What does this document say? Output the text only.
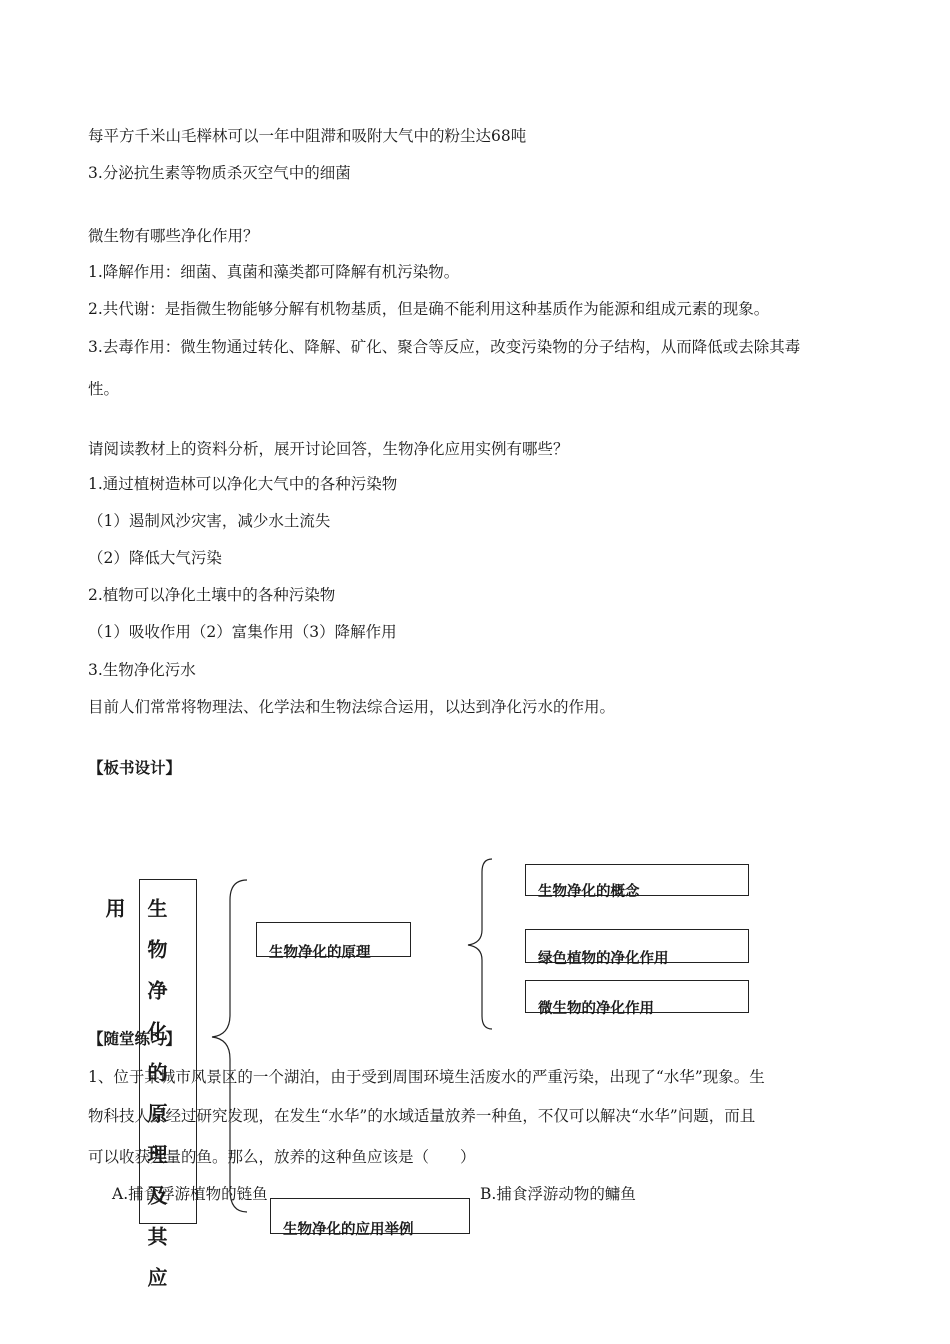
每平方千米山毛榉林可以一年中阻滞和吸附大气中的粉尘达68吨
3.分泌抗生素等物质杀灭空气中的细菌
微生物有哪些净化作用？
1.降解作用：细菌、真菌和藻类都可降解有机污染物。
2.共代谢：是指微生物能够分解有机物基质，但是确不能利用这种基质作为能源和组成元素的现象。
3.去毒作用：微生物通过转化、降解、矿化、聚合等反应，改变污染物的分子结构，从而降低或去除其毒
性。
请阅读教材上的资料分析，展开讨论回答，生物净化应用实例有哪些？
1.通过植树造林可以净化大气中的各种污染物
（1）遏制风沙灾害，减少水土流失
（2）降低大气污染
2.植物可以净化土壤中的各种污染物
（1）吸收作用（2）富集作用（3）降解作用
3.生物净化污水
目前人们常常将物理法、化学法和生物法综合运用，以达到净化污水的作用。
【板书设计】
【随堂练习】
1、位于某城市风景区的一个湖泊，由于受到周围环境生活废水的严重污染，出现了“水华”现象。生
物科技人员经过研究发现，在发生“水华”的水域适量放养一种鱼，不仅可以解决“水华”问题，而且
可以收获大量的鱼。那么，放养的这种鱼应该是（　　）
A.捕食浮游植物的链鱼	B.捕食浮游动物的鳙鱼
生物净化的原理及其应用
生物净化的原理
生物净化的概念
绿色植物的净化作用
微生物的净化作用
生物净化的应用举例
